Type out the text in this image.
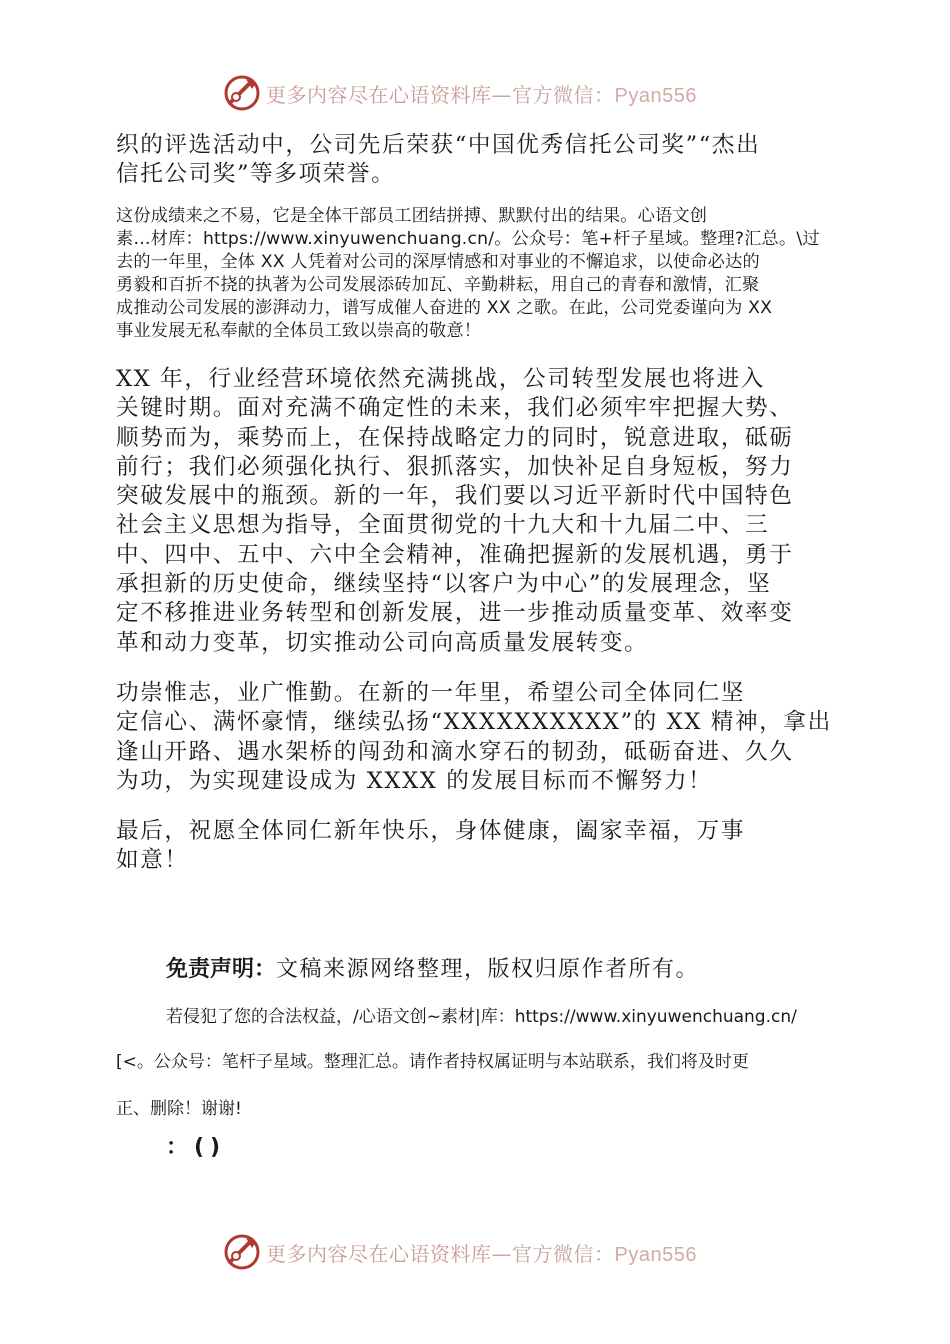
更多内容尽在心语资料库—官方微信：Pyan556
织的评选活动中，公司先后荣获“中国优秀信托公司奖”“杰出
信托公司奖”等多项荣誉。
这份成绩来之不易，它是全体干部员工团结拼搏、默默付出的结果。心语文创
素…材库：https://www.xinyuwenchuang.cn/。公众号：笔+杆子星域。整理?汇总。\过
去的一年里，全体 XX 人凭着对公司的深厚情感和对事业的不懈追求，以使命必达的
勇毅和百折不挠的执著为公司发展添砖加瓦、辛勤耕耘，用自己的青春和激情，汇聚
成推动公司发展的澎湃动力，谱写成催人奋进的 XX 之歌。在此，公司党委谨向为 XX
事业发展无私奉献的全体员工致以崇高的敬意！
XX 年，行业经营环境依然充满挑战，公司转型发展也将进入
关键时期。面对充满不确定性的未来，我们必须牢牢把握大势、
顺势而为，乘势而上，在保持战略定力的同时，锐意进取，砥砺
前行；我们必须强化执行、狠抓落实，加快补足自身短板，努力
突破发展中的瓶颈。新的一年，我们要以习近平新时代中国特色
社会主义思想为指导，全面贯彻党的十九大和十九届二中、三
中、四中、五中、六中全会精神，准确把握新的发展机遇，勇于
承担新的历史使命，继续坚持“以客户为中心”的发展理念，坚
定不移推进业务转型和创新发展，进一步推动质量变革、效率变
革和动力变革，切实推动公司向高质量发展转变。
功崇惟志，业广惟勤。在新的一年里，希望公司全体同仁坚
定信心、满怀豪情，继续弘扬“XXXXXXXXXX”的 XX 精神，拿出
逢山开路、遇水架桥的闯劲和滴水穿石的韧劲，砥砺奋进、久久
为功，为实现建设成为 XXXX 的发展目标而不懈努力！
最后，祝愿全体同仁新年快乐，身体健康，阖家幸福，万事
如意！
免责声明：文稿来源网络整理，版权归原作者所有。
若侵犯了您的合法权益，/心语文创~素材|库：https://www.xinyuwenchuang.cn/
[<。公众号：笔杆子星域。整理汇总。请作者持权属证明与本站联系，我们将及时更
正、删除！谢谢!
：()
更多内容尽在心语资料库—官方微信：Pyan556
